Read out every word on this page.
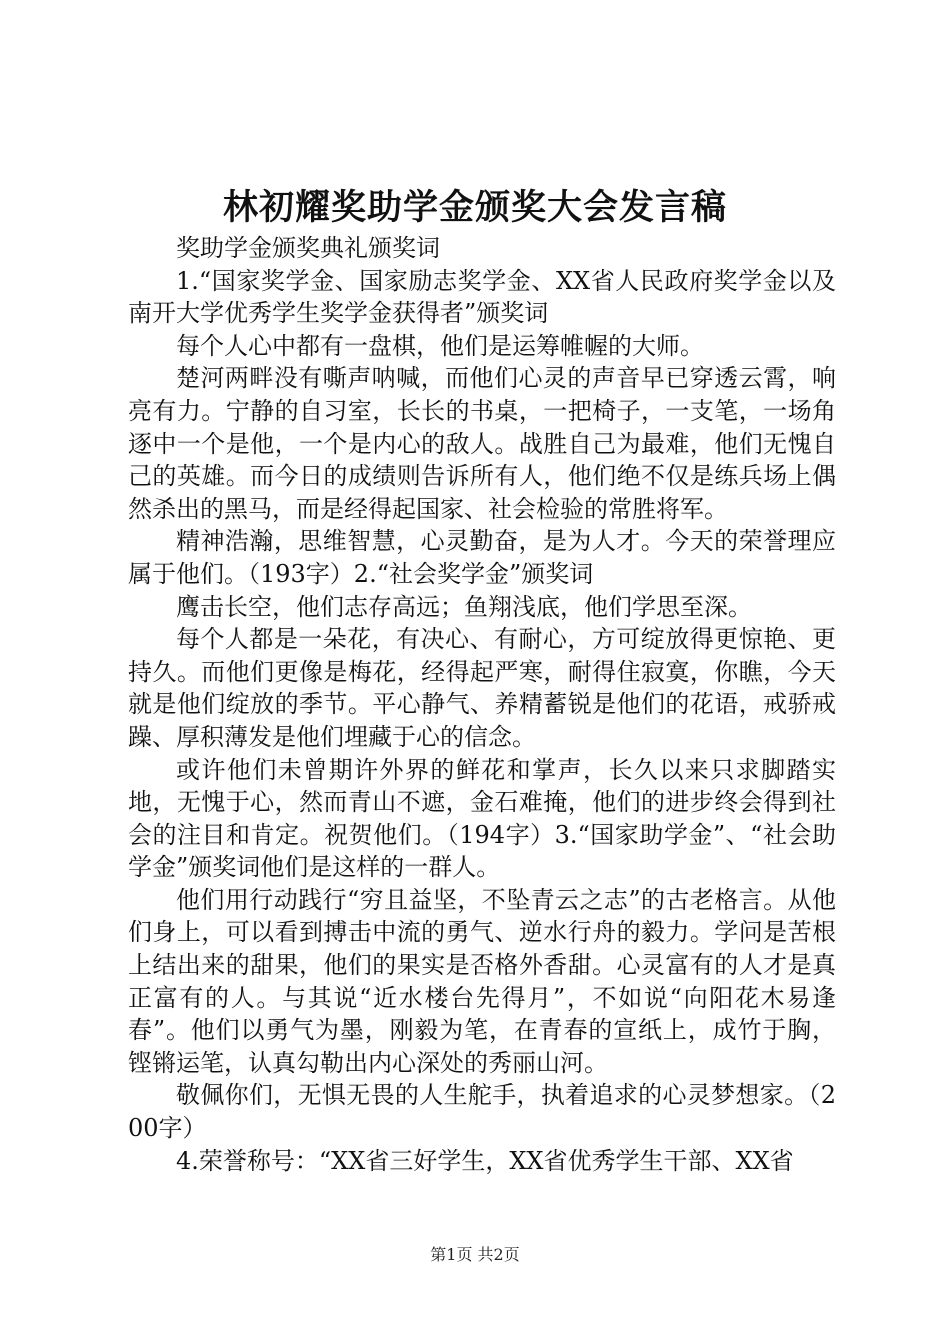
林初耀奖助学金颁奖大会发言稿

奖助学金颁奖典礼颁奖词

1.“国家奖学金、国家励志奖学金、XX省人民政府奖学金以及南开大学优秀学生奖学金获得者”颁奖词

每个人心中都有一盘棋，他们是运筹帷幄的大师。

楚河两畔没有嘶声呐喊，而他们心灵的声音早已穿透云霄，响亮有力。宁静的自习室，长长的书桌，一把椅子，一支笔，一场角逐中一个是他，一个是内心的敌人。战胜自己为最难，他们无愧自己的英雄。而今日的成绩则告诉所有人，他们绝不仅是练兵场上偶然杀出的黑马，而是经得起国家、社会检验的常胜将军。

精神浩瀚，思维智慧，心灵勤奋，是为人才。今天的荣誉理应属于他们。（193字）2.“社会奖学金”颁奖词

鹰击长空，他们志存高远；鱼翔浅底，他们学思至深。

每个人都是一朵花，有决心、有耐心，方可绽放得更惊艳、更持久。而他们更像是梅花，经得起严寒，耐得住寂寞，你瞧，今天就是他们绽放的季节。平心静气、养精蓄锐是他们的花语，戒骄戒躁、厚积薄发是他们埋藏于心的信念。

或许他们未曾期许外界的鲜花和掌声，长久以来只求脚踏实地，无愧于心，然而青山不遮，金石难掩，他们的进步终会得到社会的注目和肯定。祝贺他们。（194字）3.“国家助学金”、“社会助学金”颁奖词他们是这样的一群人。

他们用行动践行“穷且益坚，不坠青云之志”的古老格言。从他们身上，可以看到搏击中流的勇气、逆水行舟的毅力。学问是苦根上结出来的甜果，他们的果实是否格外香甜。心灵富有的人才是真正富有的人。与其说“近水楼台先得月”，不如说“向阳花木易逢春”。他们以勇气为墨，刚毅为笔，在青春的宣纸上，成竹于胸，铿锵运笔，认真勾勒出内心深处的秀丽山河。

敬佩你们，无惧无畏的人生舵手，执着追求的心灵梦想家。（200字）

4.荣誉称号：“XX省三好学生，XX省优秀学生干部、XX省

第1页 共2页
